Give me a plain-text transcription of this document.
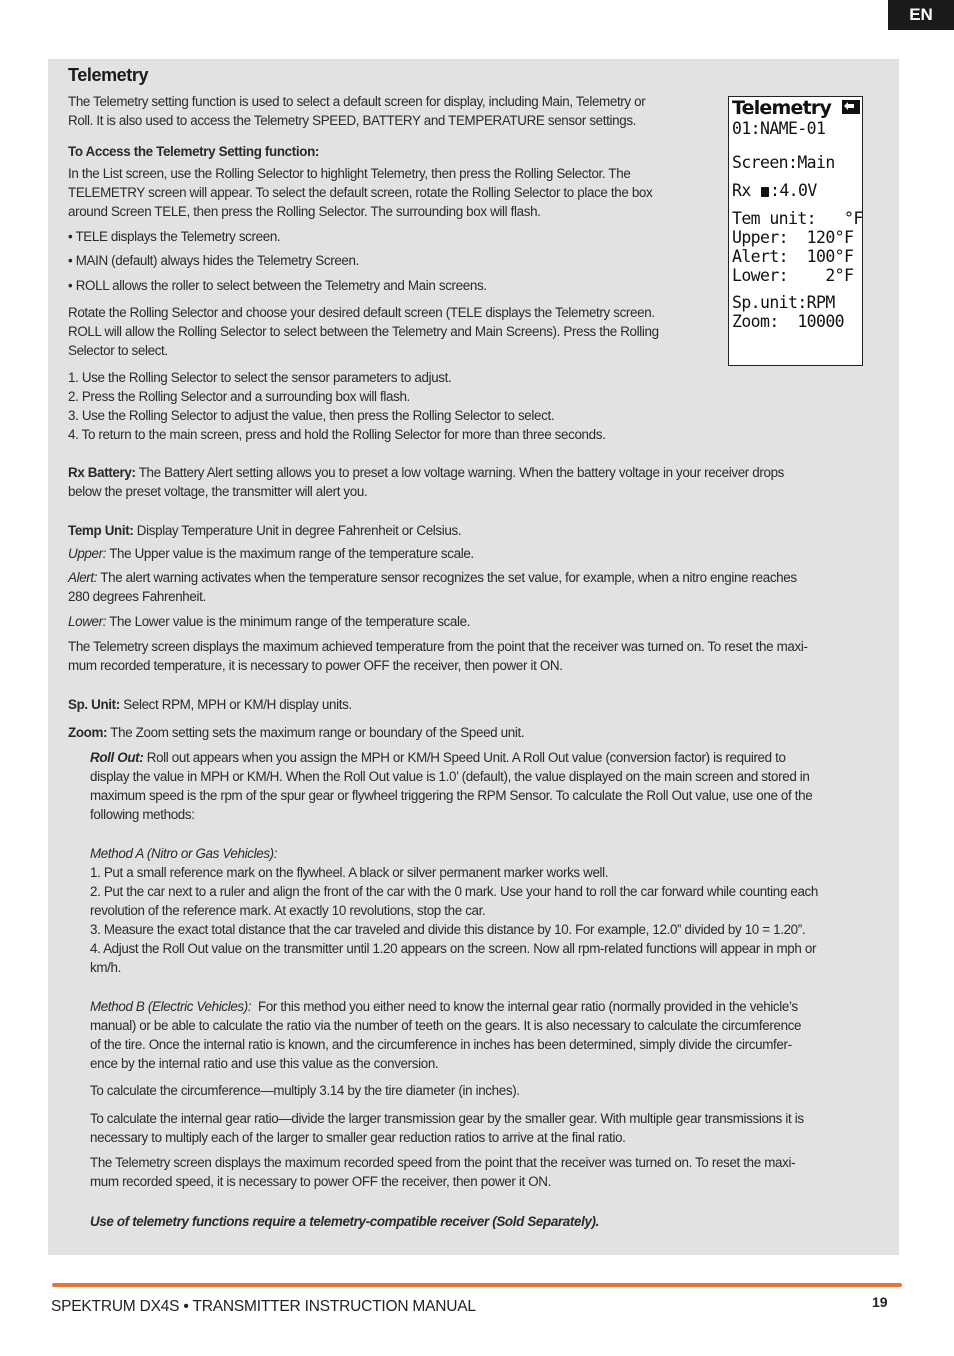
EN
Telemetry

The Telemetry setting function is used to select a default screen for display, including Main, Telemetry or
Roll. It is also used to access the Telemetry SPEED, BATTERY and TEMPERATURE sensor settings.

To Access the Telemetry Setting function:

In the List screen, use the Rolling Selector to highlight Telemetry, then press the Rolling Selector. The
TELEMETRY screen will appear. To select the default screen, rotate the Rolling Selector to place the box
around Screen TELE, then press the Rolling Selector. The surrounding box will flash.

• TELE displays the Telemetry screen.

• MAIN (default) always hides the Telemetry Screen.

• ROLL allows the roller to select between the Telemetry and Main screens.

Rotate the Rolling Selector and choose your desired default screen (TELE displays the Telemetry screen.
ROLL will allow the Rolling Selector to select between the Telemetry and Main Screens). Press the Rolling
Selector to select.

1. Use the Rolling Selector to select the sensor parameters to adjust.
2. Press the Rolling Selector and a surrounding box will flash.
3. Use the Rolling Selector to adjust the value, then press the Rolling Selector to select.
4. To return to the main screen, press and hold the Rolling Selector for more than three seconds.

Rx Battery: The Battery Alert setting allows you to preset a low voltage warning. When the battery voltage in your receiver drops
below the preset voltage, the transmitter will alert you.

Temp Unit: Display Temperature Unit in degree Fahrenheit or Celsius.

Upper: The Upper value is the maximum range of the temperature scale.

Alert: The alert warning activates when the temperature sensor recognizes the set value, for example, when a nitro engine reaches
280 degrees Fahrenheit.

Lower: The Lower value is the minimum range of the temperature scale.

The Telemetry screen displays the maximum achieved temperature from the point that the receiver was turned on. To reset the maxi-
mum recorded temperature, it is necessary to power OFF the receiver, then power it ON.

Sp. Unit: Select RPM, MPH or KM/H display units.

Zoom: The Zoom setting sets the maximum range or boundary of the Speed unit.

Roll Out: Roll out appears when you assign the MPH or KM/H Speed Unit. A Roll Out value (conversion factor) is required to
display the value in MPH or KM/H. When the Roll Out value is 1.0’ (default), the value displayed on the main screen and stored in
maximum speed is the rpm of the spur gear or flywheel triggering the RPM Sensor. To calculate the Roll Out value, use one of the
following methods:

Method A (Nitro or Gas Vehicles):
1. Put a small reference mark on the flywheel. A black or silver permanent marker works well.
2. Put the car next to a ruler and align the front of the car with the 0 mark. Use your hand to roll the car forward while counting each
revolution of the reference mark. At exactly 10 revolutions, stop the car.
3. Measure the exact total distance that the car traveled and divide this distance by 10. For example, 12.0” divided by 10 = 1.20”.
4. Adjust the Roll Out value on the transmitter until 1.20 appears on the screen. Now all rpm-related functions will appear in mph or
km/h.

Method B (Electric Vehicles):  For this method you either need to know the internal gear ratio (normally provided in the vehicle’s
manual) or be able to calculate the ratio via the number of teeth on the gears. It is also necessary to calculate the circumference
of the tire. Once the internal ratio is known, and the circumference in inches has been determined, simply divide the circumfer-
ence by the internal ratio and use this value as the conversion.

To calculate the circumference—multiply 3.14 by the tire diameter (in inches).

To calculate the internal gear ratio—divide the larger transmission gear by the smaller gear. With multiple gear transmissions it is
necessary to multiply each of the larger to smaller gear reduction ratios to arrive at the final ratio.

The Telemetry screen displays the maximum recorded speed from the point that the receiver was turned on. To reset the maxi-
mum recorded speed, it is necessary to power OFF the receiver, then power it ON.

Use of telemetry functions require a telemetry-compatible receiver (Sold Separately).

Telemetry
01:NAME-01
Screen:Main
Rx :4.0V
Tem unit:   °F
Upper:  120°F
Alert:  100°F
Lower:    2°F
Sp.unit:RPM
Zoom:  10000
SPEKTRUM DX4S • TRANSMITTER INSTRUCTION MANUAL	19
